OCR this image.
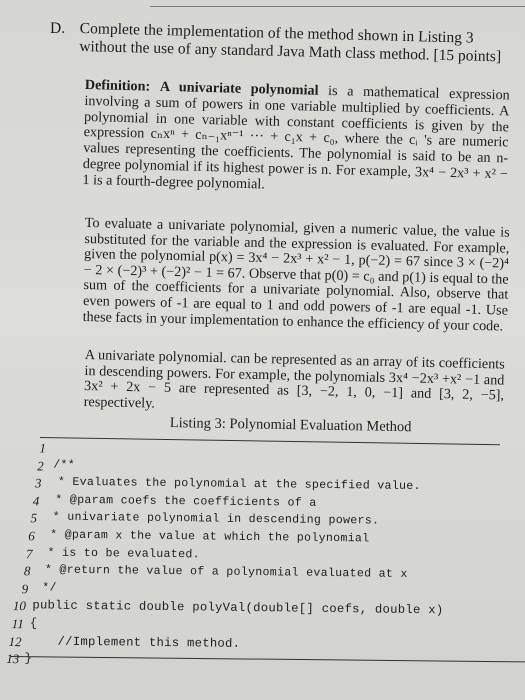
D. Complete the implementation of the method shown in Listing 3 without the use of any standard Java Math class method. [15 points]
Definition: A univariate polynomial is a mathematical expression involving a sum of powers in one variable multiplied by coefficients. A polynomial in one variable with constant coefficients is given by the expression cₙxⁿ + cₙ₋₁xⁿ⁻¹ ··· + c₁x + c₀, where the cᵢ 's are numeric values representing the coefficients. The polynomial is said to be an n-degree polynomial if its highest power is n. For example, 3x⁴ − 2x³ + x² − 1 is a fourth-degree polynomial.
To evaluate a univariate polynomial, given a numeric value, the value is substituted for the variable and the expression is evaluated. For example, given the polynomial p(x) = 3x⁴ − 2x³ + x² − 1, p(−2) = 67 since 3 × (−2)⁴ − 2 × (−2)³ + (−2)² − 1 = 67. Observe that p(0) = c₀ and p(1) is equal to the sum of the coefficients for a univariate polynomial. Also, observe that even powers of -1 are equal to 1 and odd powers of -1 are equal -1. Use these facts in your implementation to enhance the efficiency of your code.
A univariate polynomial. can be represented as an array of its coefficients in descending powers. For example, the polynomials 3x⁴ −2x³ +x² −1 and 3x² + 2x − 5 are represented as [3, −2, 1, 0, −1] and [3, 2, −5], respectively.
Listing 3: Polynomial Evaluation Method
1
2 /**
3 * Evaluates the polynomial at the specified value.
4 * @param coefs the coefficients of a
5 * univariate polynomial in descending powers.
6 * @param x the value at which the polynomial
7 * is to be evaluated.
8 * @return the value of a polynomial evaluated at x
9 */
10 public static double polyVal(double[] coefs, double x)
11 {
12 //Implement this method.
13 }
